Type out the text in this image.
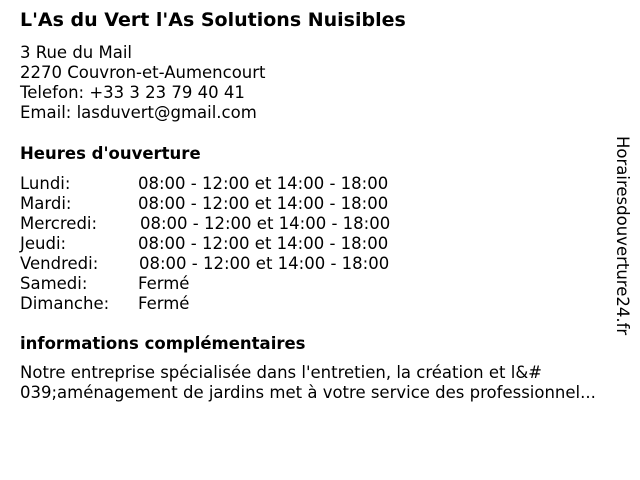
L'As du Vert l'As Solutions Nuisibles
3 Rue du Mail
2270 Couvron-et-Aumencourt
Telefon: +33 3 23 79 40 41
Email: lasduvert@gmail.com
Heures d'ouverture
Lundi:	08:00 - 12:00 et 14:00 - 18:00
Mardi:	08:00 - 12:00 et 14:00 - 18:00
Mercredi:	08:00 - 12:00 et 14:00 - 18:00
Jeudi:	08:00 - 12:00 et 14:00 - 18:00
Vendredi: 08:00 - 12:00 et 14:00 - 18:00
Samedi:	Fermé
Dimanche: Fermé
informations complémentaires
Notre entreprise spécialisée dans l'entretien, la création et l&#
039;aménagement de jardins met à votre service des professionnel...
Horairesdouverture24.fr
